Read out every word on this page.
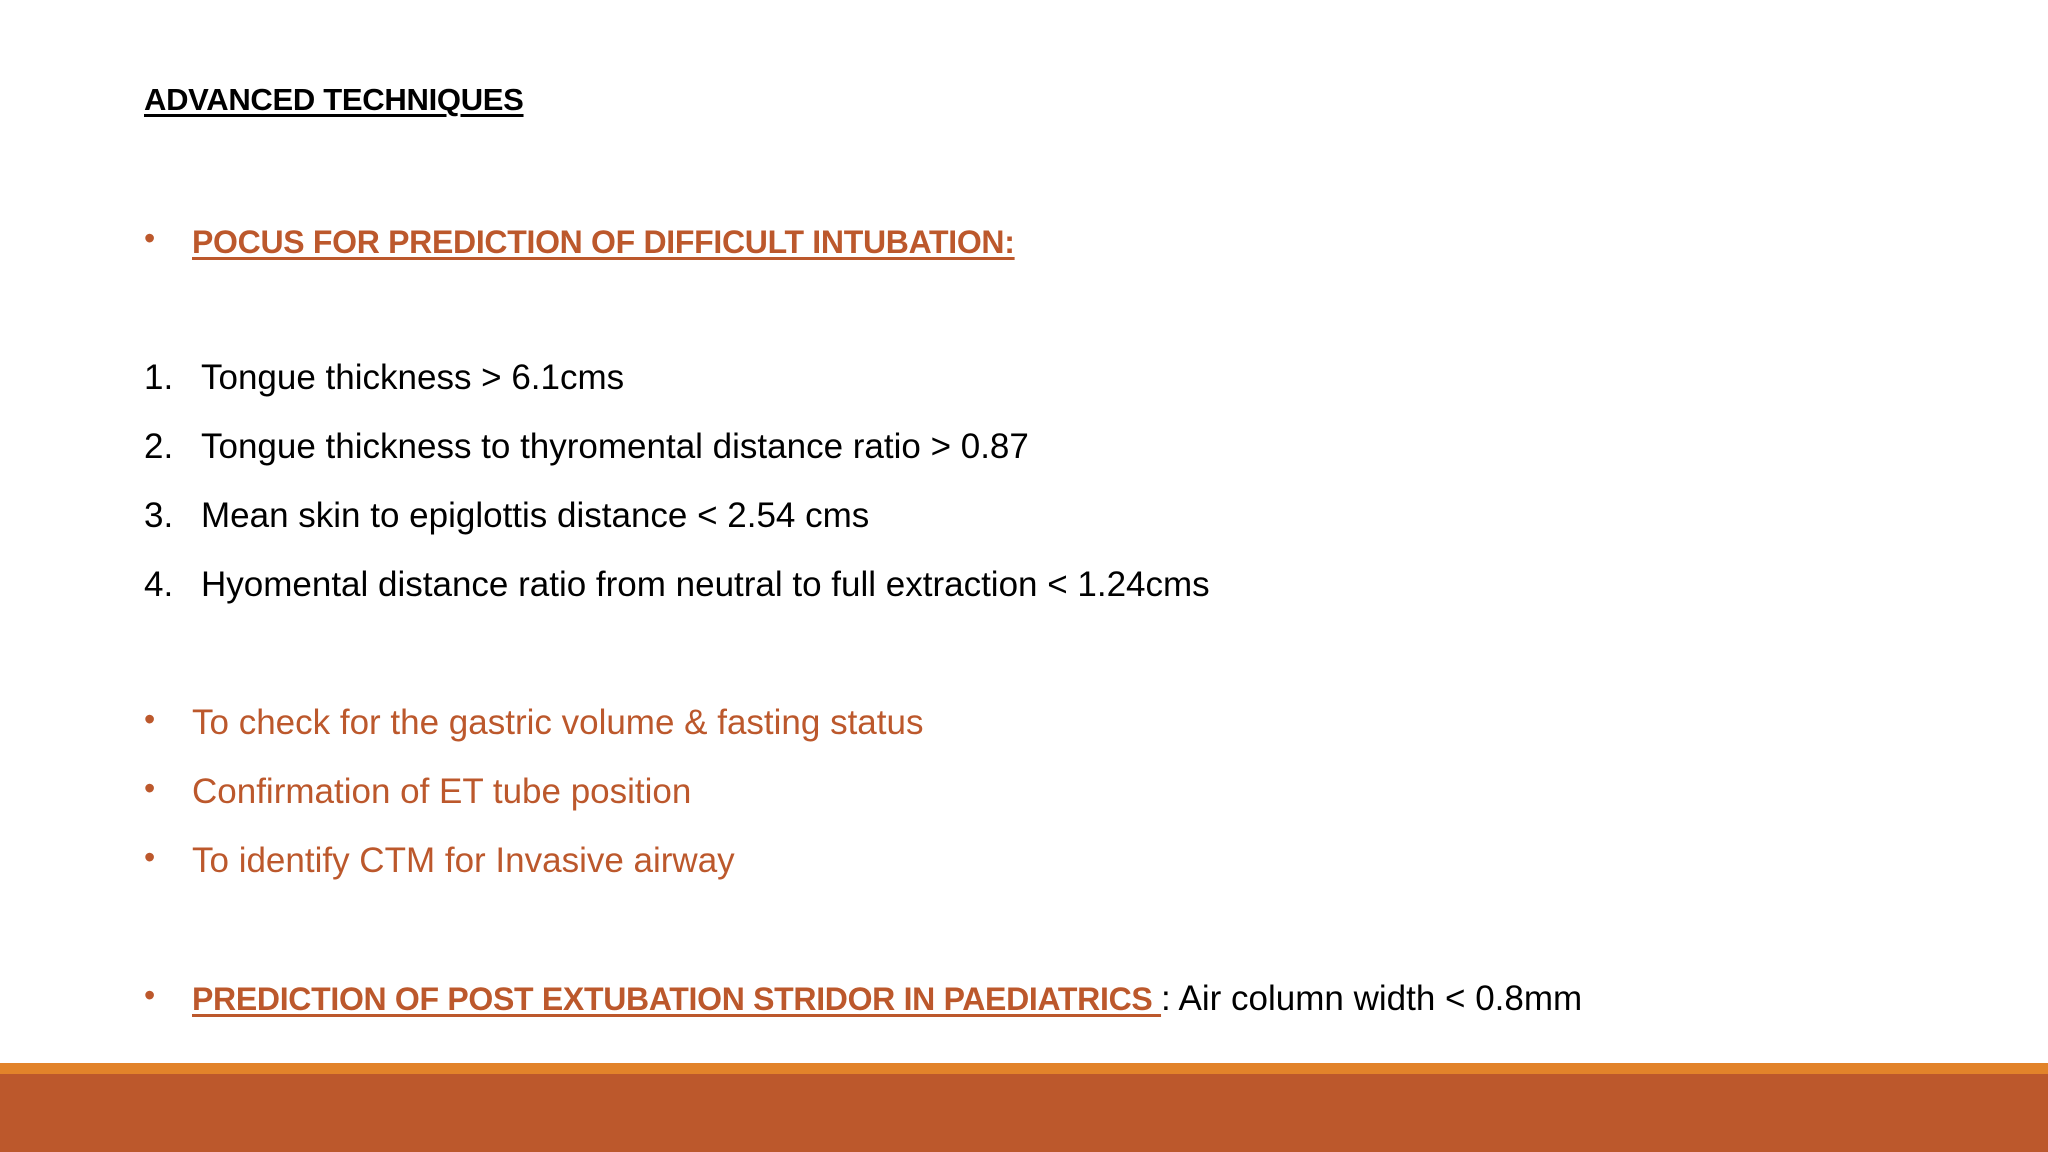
ADVANCED TECHNIQUES
• POCUS FOR PREDICTION OF DIFFICULT INTUBATION:
1. Tongue thickness > 6.1cms
2. Tongue thickness to thyromental distance ratio > 0.87
3. Mean skin to epiglottis distance < 2.54 cms
4. Hyomental distance ratio from neutral to full extraction < 1.24cms
• To check for the gastric volume & fasting status
• Confirmation of ET tube position
• To identify CTM for Invasive airway
• PREDICTION OF POST EXTUBATION STRIDOR IN PAEDIATRICS : Air column width < 0.8mm
